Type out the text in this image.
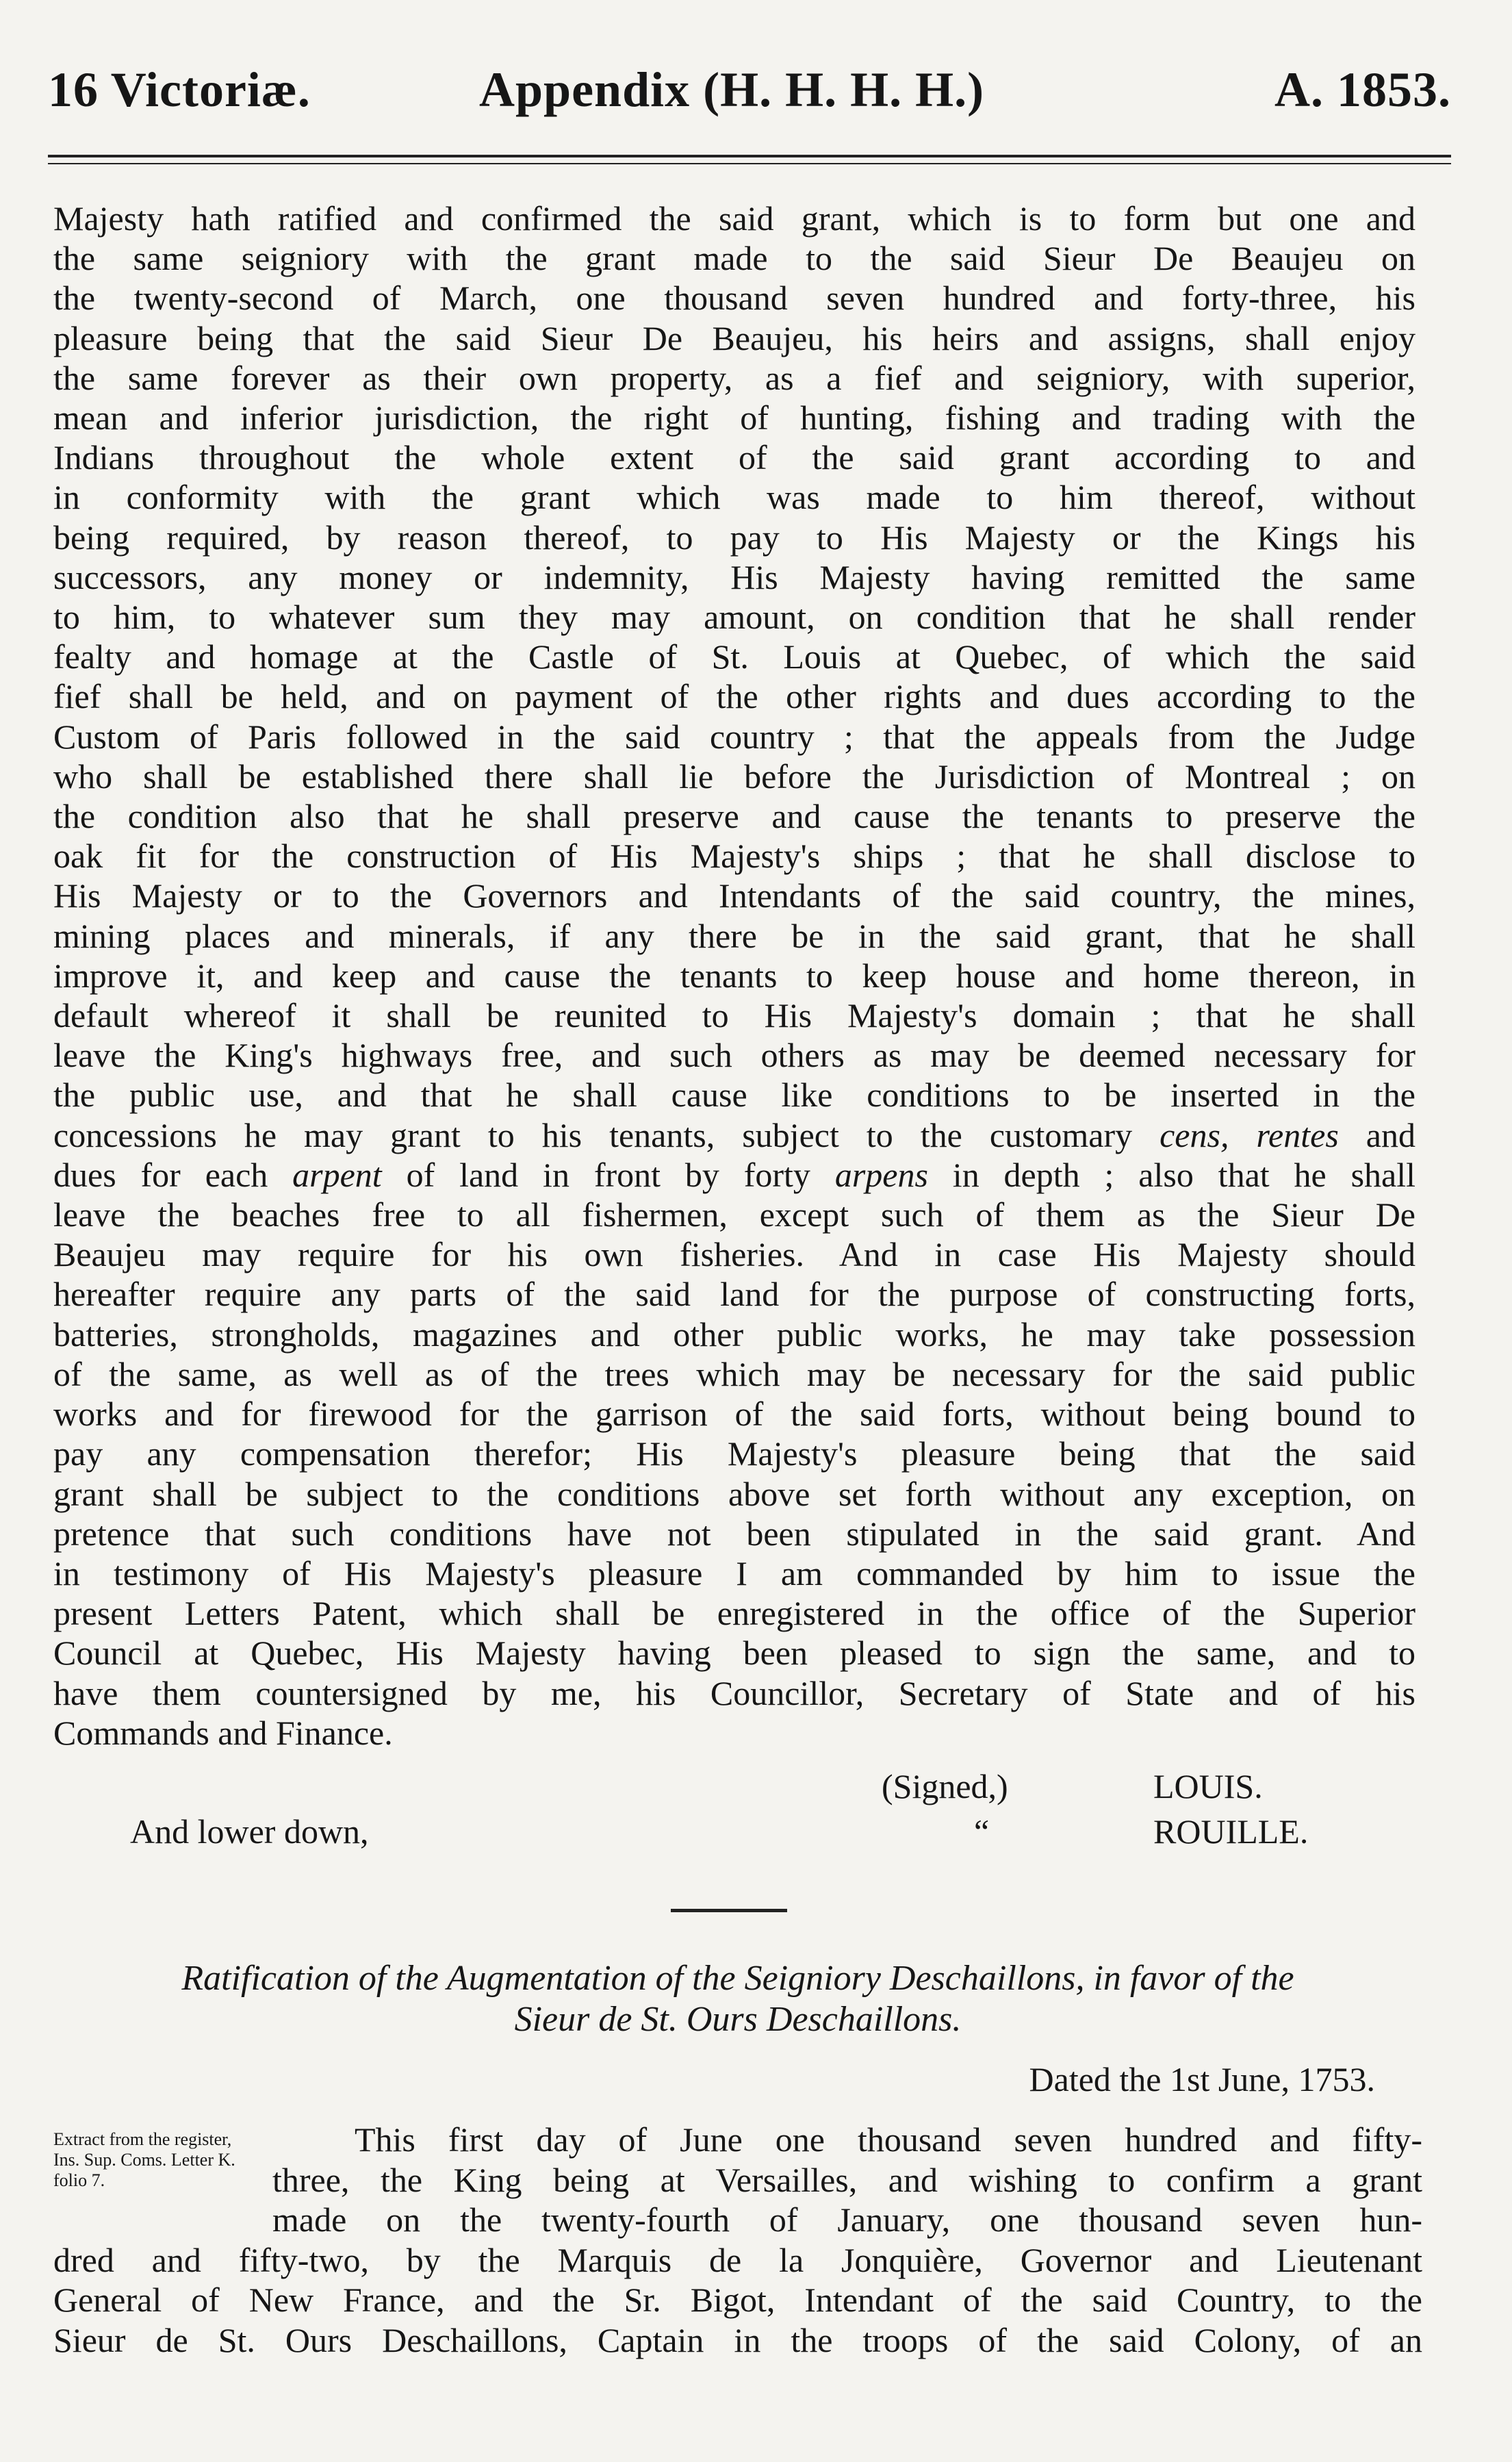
16 Victoriæ.	Appendix (H. H. H. H.)	A. 1853.
Majesty hath ratified and confirmed the said grant, which is to form but one and
the same seigniory with the grant made to the said Sieur De Beaujeu on
the twenty-second of March, one thousand seven hundred and forty-three, his
pleasure being that the said Sieur De Beaujeu, his heirs and assigns, shall enjoy
the same forever as their own property, as a fief and seigniory, with superior,
mean and inferior jurisdiction, the right of hunting, fishing and trading with the
Indians throughout the whole extent of the said grant according to and
in conformity with the grant which was made to him thereof, without
being required, by reason thereof, to pay to His Majesty or the Kings his
successors, any money or indemnity, His Majesty having remitted the same
to him, to whatever sum they may amount, on condition that he shall render
fealty and homage at the Castle of St. Louis at Quebec, of which the said
fief shall be held, and on payment of the other rights and dues according to the
Custom of Paris followed in the said country ; that the appeals from the Judge
who shall be established there shall lie before the Jurisdiction of Montreal ; on
the condition also that he shall preserve and cause the tenants to preserve the
oak fit for the construction of His Majesty's ships ; that he shall disclose to
His Majesty or to the Governors and Intendants of the said country, the mines,
mining places and minerals, if any there be in the said grant, that he shall
improve it, and keep and cause the tenants to keep house and home thereon, in
default whereof it shall be reunited to His Majesty's domain ; that he shall
leave the King's highways free, and such others as may be deemed necessary for
the public use, and that he shall cause like conditions to be inserted in the
concessions he may grant to his tenants, subject to the customary cens, rentes and
dues for each arpent of land in front by forty arpens in depth ; also that he shall
leave the beaches free to all fishermen, except such of them as the Sieur De
Beaujeu may require for his own fisheries. And in case His Majesty should
hereafter require any parts of the said land for the purpose of constructing forts,
batteries, strongholds, magazines and other public works, he may take possession
of the same, as well as of the trees which may be necessary for the said public
works and for firewood for the garrison of the said forts, without being bound to
pay any compensation therefor; His Majesty's pleasure being that the said
grant shall be subject to the conditions above set forth without any exception, on
pretence that such conditions have not been stipulated in the said grant. And
in testimony of His Majesty's pleasure I am commanded by him to issue the
present Letters Patent, which shall be enregistered in the office of the Superior
Council at Quebec, His Majesty having been pleased to sign the same, and to
have them countersigned by me, his Councillor, Secretary of State and of his
Commands and Finance.
(Signed,)	LOUIS.
And lower down,	“	ROUILLE.
Ratification of the Augmentation of the Seigniory Deschaillons, in favor of the
Sieur de St. Ours Deschaillons.
Dated the 1st June, 1753.
Extract from the register, Ins. Sup. Coms. Letter K. folio 7.
This first day of June one thousand seven hundred and fifty-
three, the King being at Versailles, and wishing to confirm a grant
made on the twenty-fourth of January, one thousand seven hun-
dred and fifty-two, by the Marquis de la Jonquière, Governor and Lieutenant
General of New France, and the Sr. Bigot, Intendant of the said Country, to the
Sieur de St. Ours Deschaillons, Captain in the troops of the said Colony, of an
